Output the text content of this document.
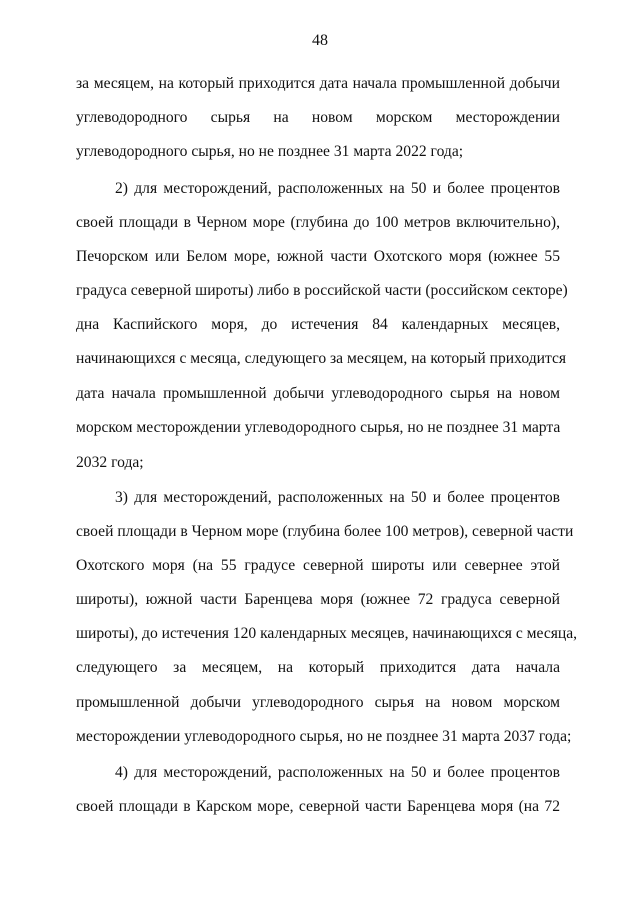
48
за месяцем, на который приходится дата начала промышленной добычи
углеводородного сырья на новом морском месторождении
углеводородного сырья, но не позднее 31 марта 2022 года;
2) для месторождений, расположенных на 50 и более процентов
своей площади в Черном море (глубина до 100 метров включительно),
Печорском или Белом море, южной части Охотского моря (южнее 55
градуса северной широты) либо в российской части (российском секторе)
дна Каспийского моря, до истечения 84 календарных месяцев,
начинающихся с месяца, следующего за месяцем, на который приходится
дата начала промышленной добычи углеводородного сырья на новом
морском месторождении углеводородного сырья, но не позднее 31 марта
2032 года;
3) для месторождений, расположенных на 50 и более процентов
своей площади в Черном море (глубина более 100 метров), северной части
Охотского моря (на 55 градусе северной широты или севернее этой
широты), южной части Баренцева моря (южнее 72 градуса северной
широты), до истечения 120 календарных месяцев, начинающихся с месяца,
следующего за месяцем, на который приходится дата начала
промышленной добычи углеводородного сырья на новом морском
месторождении углеводородного сырья, но не позднее 31 марта 2037 года;
4) для месторождений, расположенных на 50 и более процентов
своей площади в Карском море, северной части Баренцева моря (на 72
